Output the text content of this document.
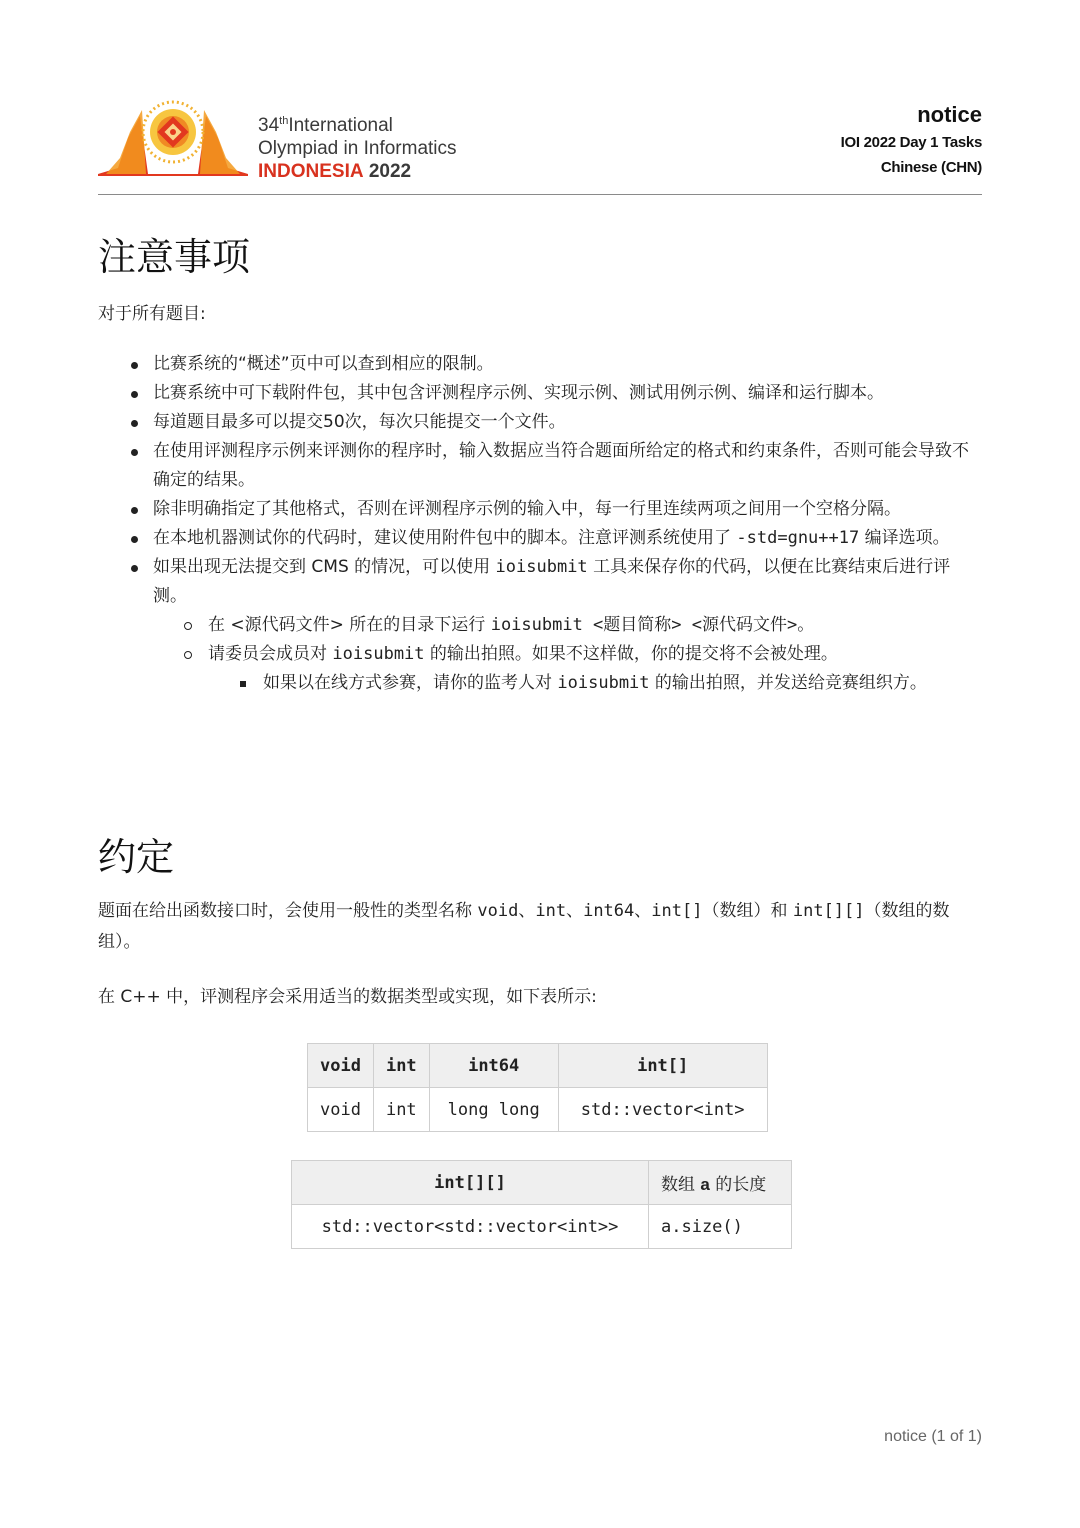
34thInternational
Olympiad in Informatics
INDONESIA 2022
notice
IOI 2022 Day 1 Tasks
Chinese (CHN)
注意事项
对于所有题目:
比赛系统的“概述”页中可以查到相应的限制。
比赛系统中可下载附件包，其中包含评测程序示例、实现示例、测试用例示例、编译和运行脚本。
每道题目最多可以提交50次，每次只能提交一个文件。
在使用评测程序示例来评测你的程序时，输入数据应当符合题面所给定的格式和约束条件，否则可能会导致不确定的结果。
除非明确指定了其他格式，否则在评测程序示例的输入中，每一行里连续两项之间用一个空格分隔。
在本地机器测试你的代码时，建议使用附件包中的脚本。注意评测系统使用了 -std=gnu++17 编译选项。
如果出现无法提交到 CMS 的情况，可以使用 ioisubmit 工具来保存你的代码，以便在比赛结束后进行评测。
在 <源代码文件> 所在的目录下运行 ioisubmit <题目简称> <源代码文件>。
请委员会成员对 ioisubmit 的输出拍照。如果不这样做，你的提交将不会被处理。
如果以在线方式参赛，请你的监考人对 ioisubmit 的输出拍照，并发送给竞赛组织方。
约定
题面在给出函数接口时，会使用一般性的类型名称 void、int、int64、int[]（数组）和 int[][]（数组的数组）。
在 C++ 中，评测程序会采用适当的数据类型或实现，如下表所示:
void	int	int64	int[]
void	int	long long	std::vector<int>
int[][]	数组 a 的长度
std::vector<std::vector<int>>	a.size()
notice (1 of 1)
